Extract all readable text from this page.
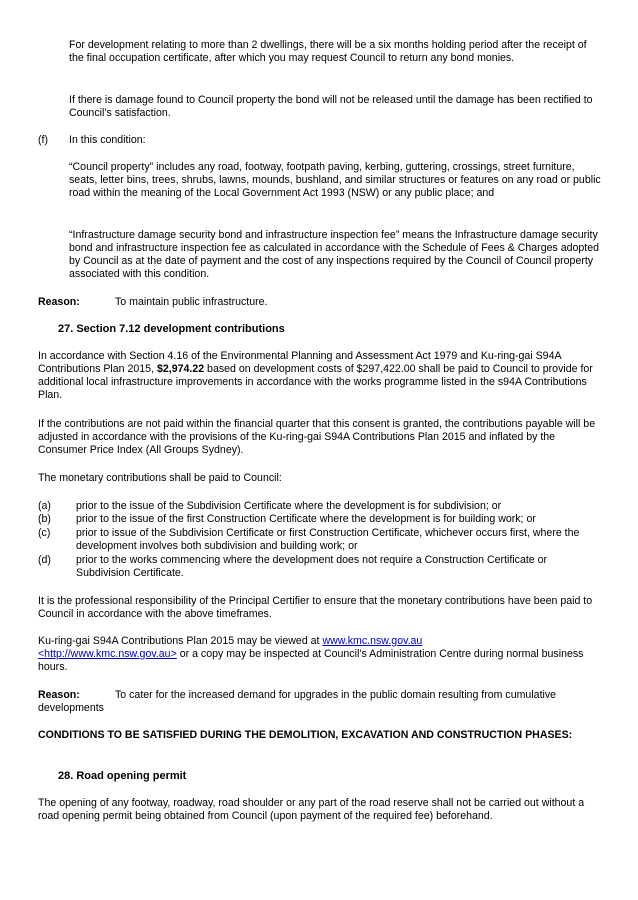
For development relating to more than 2 dwellings, there will be a six months holding period after the receipt of the final occupation certificate, after which you may request Council to return any bond monies.

If there is damage found to Council property the bond will not be released until the damage has been rectified to Council’s satisfaction.

(f) In this condition:

“Council property” includes any road, footway, footpath paving, kerbing, guttering, crossings, street furniture, seats, letter bins, trees, shrubs, lawns, mounds, bushland, and similar structures or features on any road or public road within the meaning of the Local Government Act 1993 (NSW) or any public place; and

“Infrastructure damage security bond and infrastructure inspection fee” means the Infrastructure damage security bond and infrastructure inspection fee as calculated in accordance with the Schedule of Fees & Charges adopted by Council as at the date of payment and the cost of any inspections required by the Council of Council property associated with this condition.

Reason:	To maintain public infrastructure.

27. Section 7.12 development contributions

In accordance with Section 4.16 of the Environmental Planning and Assessment Act 1979 and Ku-ring-gai S94A Contributions Plan 2015, $2,974.22 based on development costs of $297,422.00 shall be paid to Council to provide for additional local infrastructure improvements in accordance with the works programme listed in the s94A Contributions Plan.

If the contributions are not paid within the financial quarter that this consent is granted, the contributions payable will be adjusted in accordance with the provisions of the Ku-ring-gai S94A Contributions Plan 2015 and inflated by the Consumer Price Index (All Groups Sydney).

The monetary contributions shall be paid to Council:

(a) prior to the issue of the Subdivision Certificate where the development is for subdivision; or

(b) prior to the issue of the first Construction Certificate where the development is for building work; or

(c) prior to issue of the Subdivision Certificate or first Construction Certificate, whichever occurs first, where the development involves both subdivision and building work; or

(d) prior to the works commencing where the development does not require a Construction Certificate or Subdivision Certificate.

It is the professional responsibility of the Principal Certifier to ensure that the monetary contributions have been paid to Council in accordance with the above timeframes.

Ku-ring-gai S94A Contributions Plan 2015 may be viewed at www.kmc.nsw.gov.au
<http://www.kmc.nsw.gov.au> or a copy may be inspected at Council’s Administration Centre during normal business hours.

Reason:	To cater for the increased demand for upgrades in the public domain resulting from cumulative developments

CONDITIONS TO BE SATISFIED DURING THE DEMOLITION, EXCAVATION AND CONSTRUCTION PHASES:

28. Road opening permit

The opening of any footway, roadway, road shoulder or any part of the road reserve shall not be carried out without a road opening permit being obtained from Council (upon payment of the required fee) beforehand.
